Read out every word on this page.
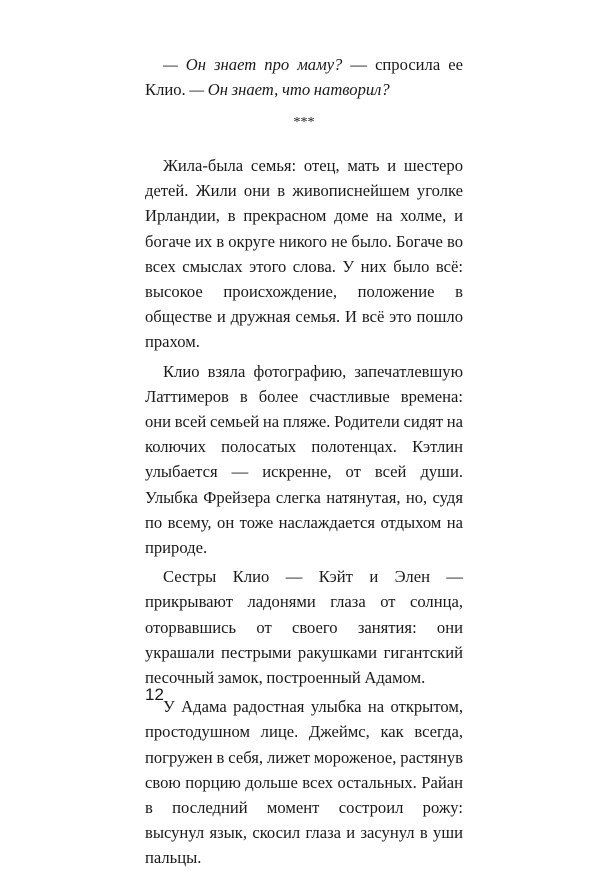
— Он знает про маму? — спросила ее Клио. — Он знает, что натворил?

***

Жила-была семья: отец, мать и шестеро детей. Жили они в живописнейшем уголке Ирландии, в прекрасном доме на холме, и богаче их в округе никого не было. Богаче во всех смыслах этого слова. У них было всё: высокое происхождение, положение в обществе и дружная семья. И всё это пошло прахом.

Клио взяла фотографию, запечатлевшую Латтимеров в более счастливые времена: они всей семьей на пляже. Родители сидят на колючих полосатых полотенцах. Кэтлин улыбается — искренне, от всей души. Улыбка Фрейзера слегка натянутая, но, судя по всему, он тоже наслаждается отдыхом на природе.

Сестры Клио — Кэйт и Элен — прикрывают ладонями глаза от солнца, оторвавшись от своего занятия: они украшали пестрыми ракушками гигантский песочный замок, построенный Адамом.

У Адама радостная улыбка на открытом, простодушном лице. Джеймс, как всегда, погружен в себя, лижет мороженое, растянув свою порцию дольше всех остальных. Райан в последний момент состроил рожу: высунул язык, скосил глаза и засунул в уши пальцы.

12
